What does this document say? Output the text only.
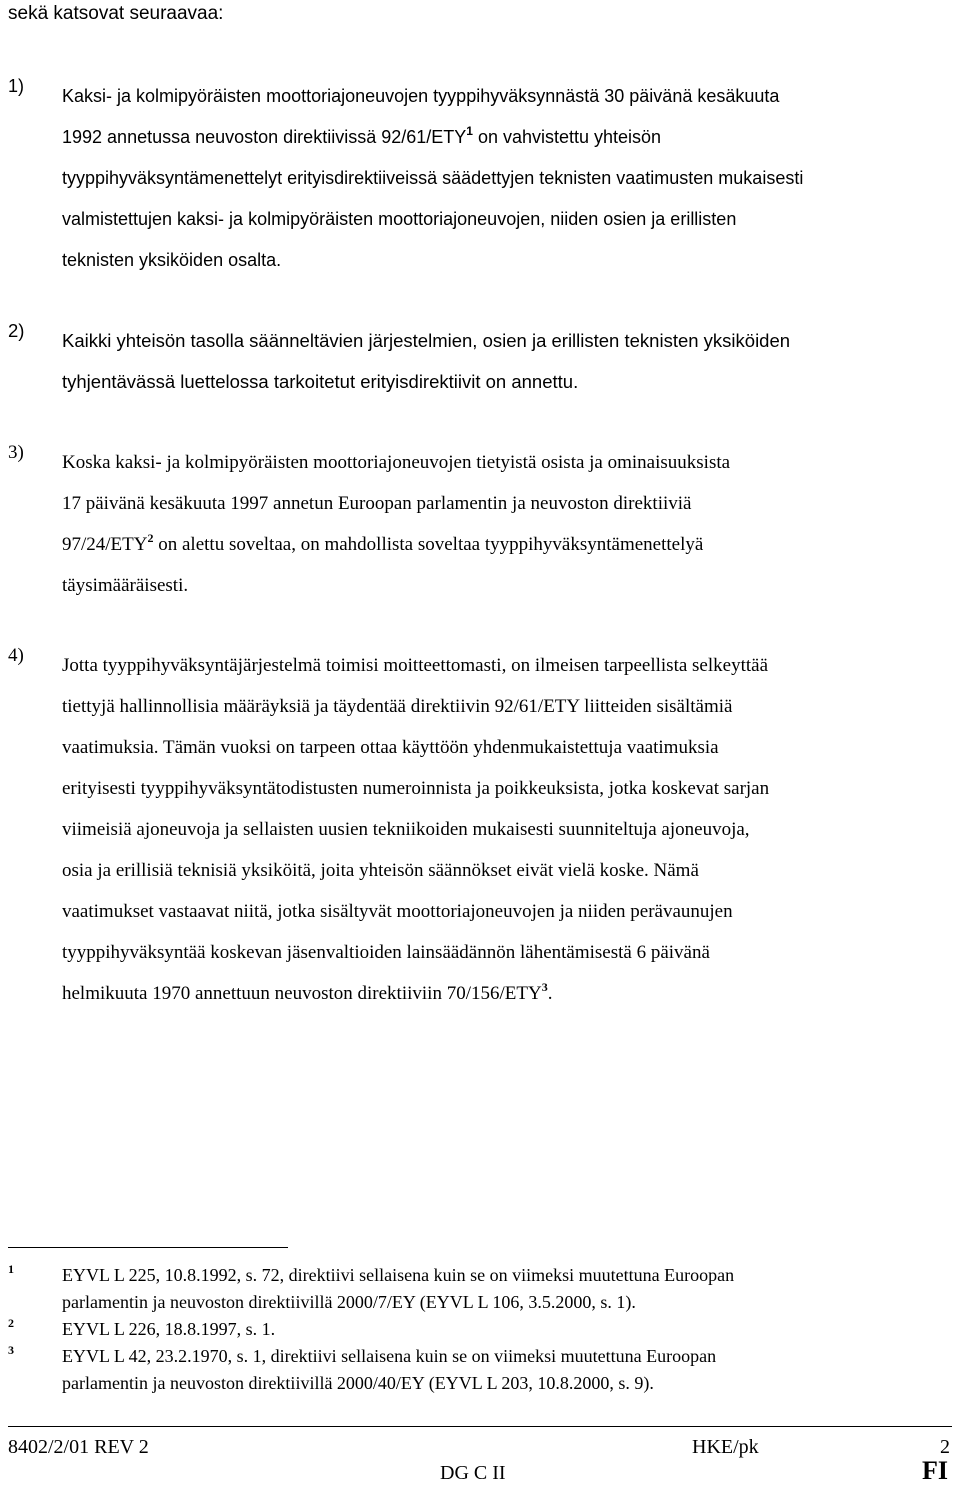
sekä katsovat seuraavaa:
1)	Kaksi- ja kolmipyöräisten moottoriajoneuvojen tyyppihyväksynnästä 30 päivänä kesäkuuta
1992 annetussa neuvoston direktiivissä 92/61/ETY$^1$ on vahvistettu yhteisön
tyyppihyväksyntämenettelyt erityisdirektiiveissä säädettyjen teknisten vaatimusten mukaisesti
valmistettujen kaksi- ja kolmipyöräisten moottoriajoneuvojen, niiden osien ja erillisten
teknisten yksiköiden osalta.
2)	Kaikki yhteisön tasolla säänneltävien järjestelmien, osien ja erillisten teknisten yksiköiden
tyhjentävässä luettelossa tarkoitetut erityisdirektiivit on annettu.
3)	Koska kaksi- ja kolmipyöräisten moottoriajoneuvojen tietyistä osista ja ominaisuuksista
17 päivänä kesäkuuta 1997 annetun Euroopan parlamentin ja neuvoston direktiiviä
97/24/ETY$^2$ on alettu soveltaa, on mahdollista soveltaa tyyppihyväksyntämenettelyä
täysimääräisesti.
4)	Jotta tyyppihyväksyntäjärjestelmä toimisi moitteettomasti, on ilmeisen tarpeellista selkeyttää
tiettyjä hallinnollisia määräyksiä ja täydentää direktiivin 92/61/ETY liitteiden sisältämiä
vaatimuksia. Tämän vuoksi on tarpeen ottaa käyttöön yhdenmukaistettuja vaatimuksia
erityisesti tyyppihyväksyntätodistusten numeroinnista ja poikkeuksista, jotka koskevat sarjan
viimeisiä ajoneuvoja ja sellaisten uusien tekniikoiden mukaisesti suunniteltuja ajoneuvoja,
osia ja erillisiä teknisiä yksiköitä, joita yhteisön säännökset eivät vielä koske. Nämä
vaatimukset vastaavat niitä, jotka sisältyvät moottoriajoneuvojen ja niiden perävaunujen
tyyppihyväksyntää koskevan jäsenvaltioiden lainsäädännön lähentämisestä 6 päivänä
helmikuuta 1970 annettuun neuvoston direktiiviin 70/156/ETY$^3$.
1	EYVL L 225, 10.8.1992, s. 72, direktiivi sellaisena kuin se on viimeksi muutettuna Euroopan
parlamentin ja neuvoston direktiivillä 2000/7/EY (EYVL L 106, 3.5.2000, s. 1).
2	EYVL L 226, 18.8.1997, s. 1.
3	EYVL L 42, 23.2.1970, s. 1, direktiivi sellaisena kuin se on viimeksi muutettuna Euroopan
parlamentin ja neuvoston direktiivillä 2000/40/EY (EYVL L 203, 10.8.2000, s. 9).
8402/2/01 REV 2	HKE/pk	2
DG C II	FI
